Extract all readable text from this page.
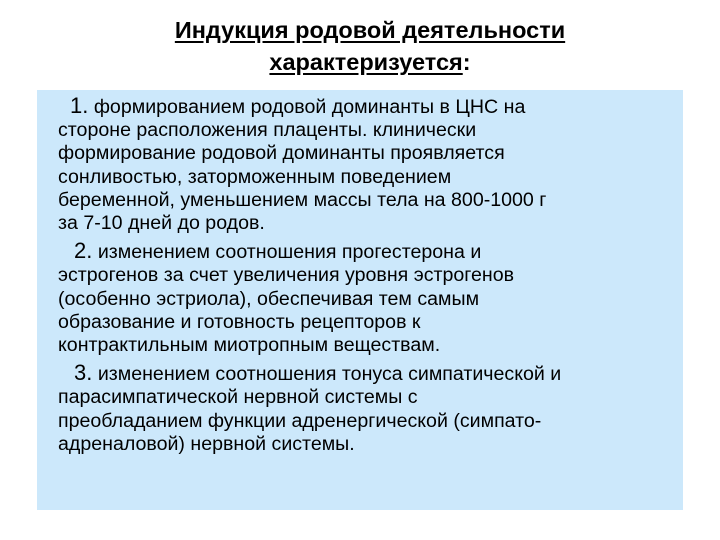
Индукция родовой деятельности
характеризуется:
1. формированием родовой доминанты в ЦНС на
стороне расположения плаценты. клинически
формирование родовой доминанты проявляется
сонливостью, заторможенным поведением
беременной, уменьшением массы тела на 800-1000 г
за 7-10 дней до родов.
2. изменением соотношения прогестерона и
эстрогенов за счет увеличения уровня эстрогенов
(особенно эстриола), обеспечивая тем самым
образование и готовность рецепторов к
контрактильным миотропным веществам.
3. изменением соотношения тонуса симпатической и
парасимпатической нервной системы с
преобладанием функции адренергической (симпато-
адреналовой) нервной системы.
